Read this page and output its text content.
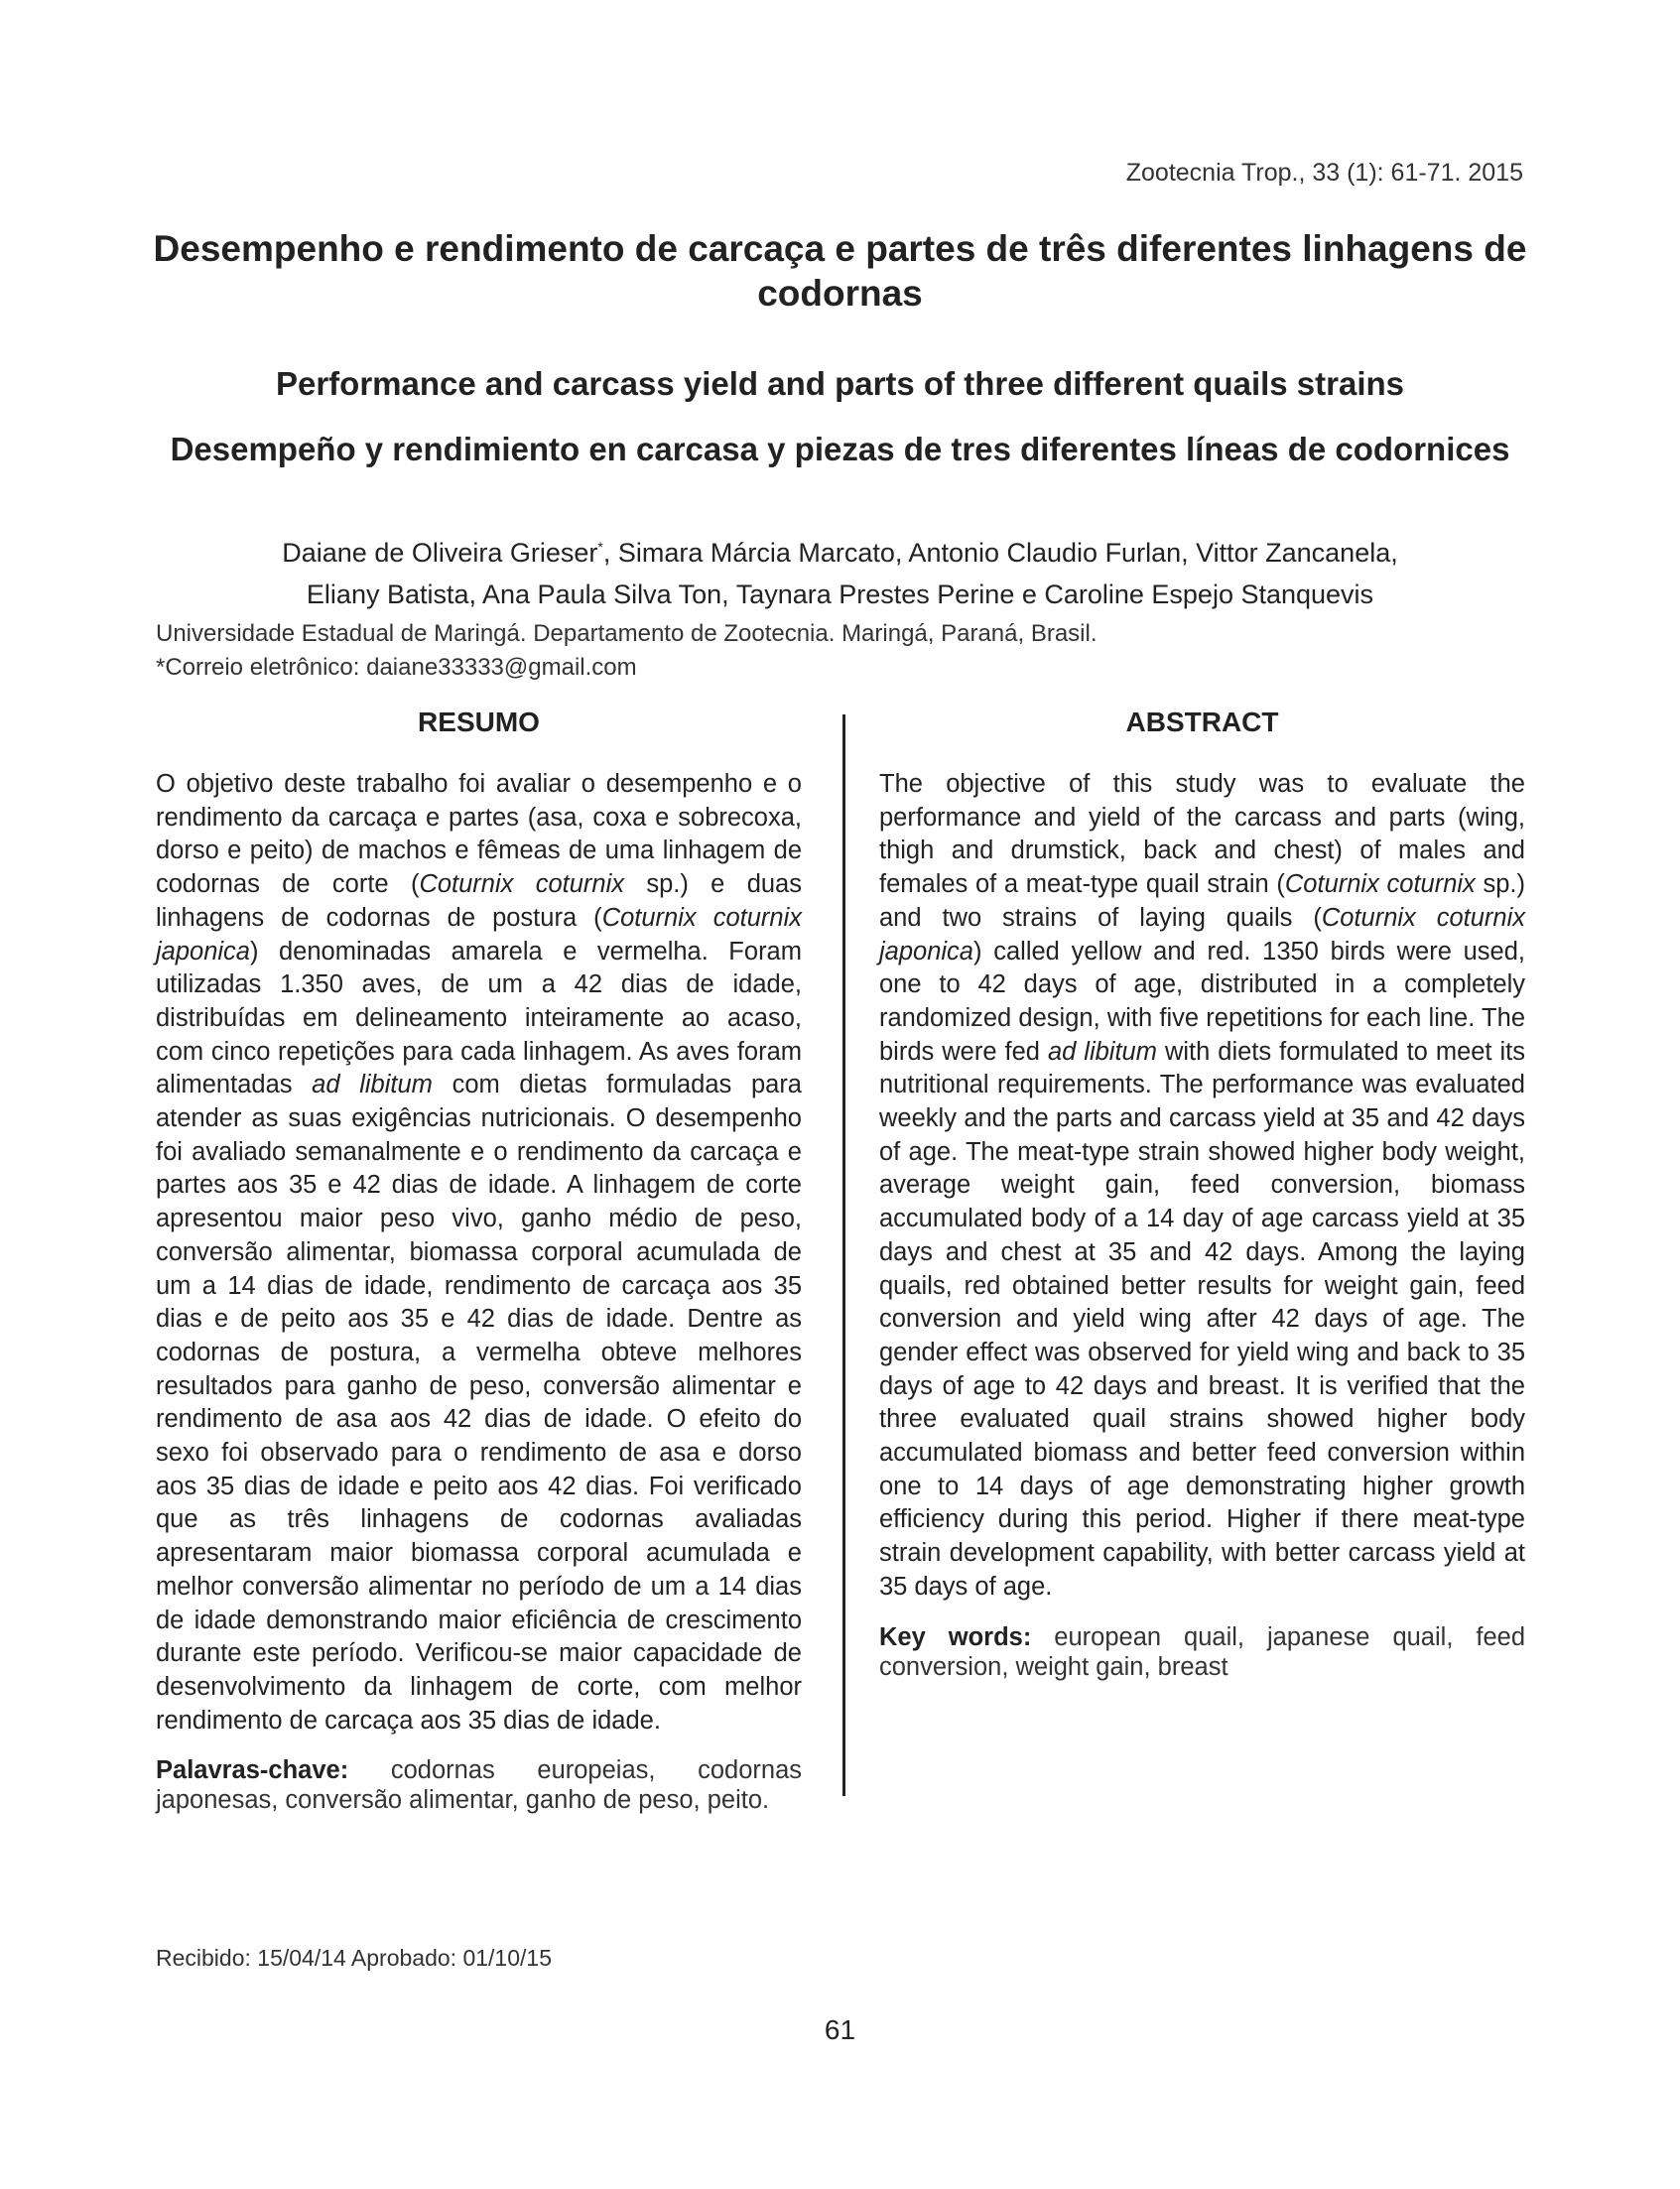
Zootecnia Trop., 33 (1): 61-71. 2015
Desempenho e rendimento de carcaça e partes de três diferentes linhagens de codornas
Performance and carcass yield and parts of three different quails strains
Desempeño y rendimiento en carcasa y piezas de tres diferentes líneas de codornices
Daiane de Oliveira Grieser*, Simara Márcia Marcato, Antonio Claudio Furlan, Vittor Zancanela,
Eliany Batista, Ana Paula Silva Ton, Taynara Prestes Perine e Caroline Espejo Stanquevis
Universidade Estadual de Maringá. Departamento de Zootecnia. Maringá, Paraná, Brasil.
*Correio eletrônico: daiane33333@gmail.com
RESUMO

O objetivo deste trabalho foi avaliar o desempenho e o rendimento da carcaça e partes (asa, coxa e sobrecoxa, dorso e peito) de machos e fêmeas de uma linhagem de codornas de corte (Coturnix coturnix sp.) e duas linhagens de codornas de postura (Coturnix coturnix japonica) denominadas amarela e vermelha. Foram utilizadas 1.350 aves, de um a 42 dias de idade, distribuídas em delineamento inteiramente ao acaso, com cinco repetições para cada linhagem. As aves foram alimentadas ad libitum com dietas formuladas para atender as suas exigências nutricionais. O desempenho foi avaliado semanalmente e o rendimento da carcaça e partes aos 35 e 42 dias de idade. A linhagem de corte apresentou maior peso vivo, ganho médio de peso, conversão alimentar, biomassa corporal acumulada de um a 14 dias de idade, rendimento de carcaça aos 35 dias e de peito aos 35 e 42 dias de idade. Dentre as codornas de postura, a vermelha obteve melhores resultados para ganho de peso, conversão alimentar e rendimento de asa aos 42 dias de idade. O efeito do sexo foi observado para o rendimento de asa e dorso aos 35 dias de idade e peito aos 42 dias. Foi verificado que as três linhagens de codornas avaliadas apresentaram maior biomassa corporal acumulada e melhor conversão alimentar no período de um a 14 dias de idade demonstrando maior eficiência de crescimento durante este período. Verificou-se maior capacidade de desenvolvimento da linhagem de corte, com melhor rendimento de carcaça aos 35 dias de idade.

Palavras-chave: codornas europeias, codornas japonesas, conversão alimentar, ganho de peso, peito.

ABSTRACT

The objective of this study was to evaluate the performance and yield of the carcass and parts (wing, thigh and drumstick, back and chest) of males and females of a meat-type quail strain (Coturnix coturnix sp.) and two strains of laying quails (Coturnix coturnix japonica) called yellow and red. 1350 birds were used, one to 42 days of age, distributed in a completely randomized design, with five repetitions for each line. The birds were fed ad libitum with diets formulated to meet its nutritional requirements. The performance was evaluated weekly and the parts and carcass yield at 35 and 42 days of age. The meat-type strain showed higher body weight, average weight gain, feed conversion, biomass accumulated body of a 14 day of age carcass yield at 35 days and chest at 35 and 42 days. Among the laying quails, red obtained better results for weight gain, feed conversion and yield wing after 42 days of age. The gender effect was observed for yield wing and back to 35 days of age to 42 days and breast. It is verified that the three evaluated quail strains showed higher body accumulated biomass and better feed conversion within one to 14 days of age demonstrating higher growth efficiency during this period. Higher if there meat-type strain development capability, with better carcass yield at 35 days of age.

Key words: european quail, japanese quail, feed conversion, weight gain, breast

Recibido: 15/04/14 Aprobado: 01/10/15
61
